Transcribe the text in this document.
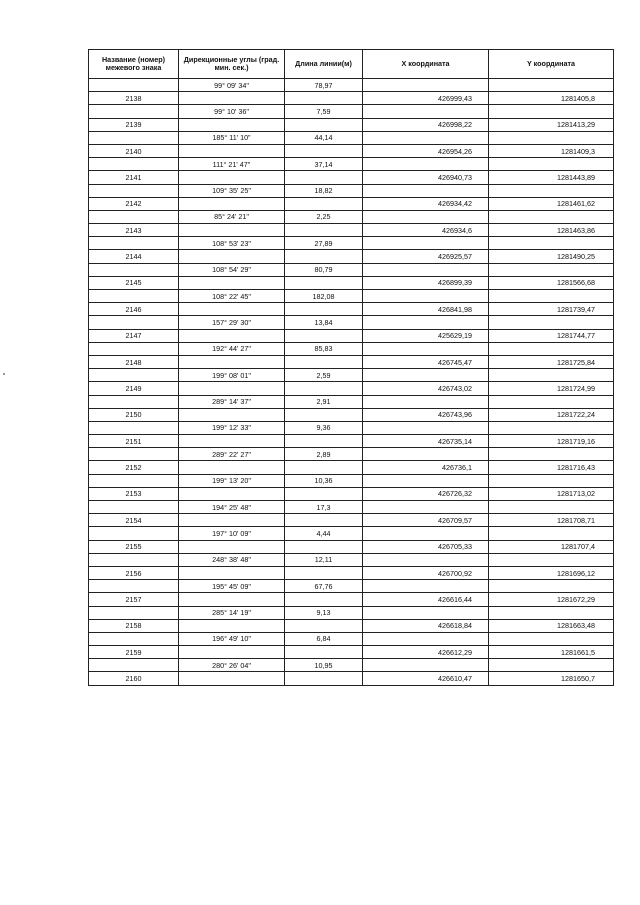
Название (номер) межевого знака	Дирекционные углы (град. мин. сек.)	Длина линии(м)	X координата	Y координата
	99° 09' 34"	78,97		
2138			426999,43	1281405,8
	99° 10' 36"	7,59		
2139			426998,22	1281413,29
	185° 11' 10"	44,14		
2140			426954,26	1281409,3
	111° 21' 47"	37,14		
2141			426940,73	1281443,89
	109° 35' 25"	18,82		
2142			426934,42	1281461,62
	85° 24' 21"	2,25		
2143			426934,6	1281463,86
	108° 53' 23"	27,89		
2144			426925,57	1281490,25
	108° 54' 29"	80,79		
2145			426899,39	1281566,68
	108° 22' 45"	182,08		
2146			426841,98	1281739,47
	157° 29' 30"	13,84		
2147			425629,19	1281744,77
	192° 44' 27"	85,83		
2148			426745,47	1281725,84
	199° 08' 01"	2,59		
2149			426743,02	1281724,99
	289° 14' 37"	2,91		
2150			426743,96	1281722,24
	199° 12' 33"	9,36		
2151			426735,14	1281719,16
	289° 22' 27"	2,89		
2152			426736,1	1281716,43
	199° 13' 20"	10,36		
2153			426726,32	1281713,02
	194° 25' 48"	17,3		
2154			426709,57	1281708,71
	197° 10' 09"	4,44		
2155			426705,33	1281707,4
	248° 38' 48"	12,11		
2156			426700,92	1281696,12
	195° 45' 09"	67,76		
2157			426616,44	1281672,29
	285° 14' 19"	9,13		
2158			426618,84	1281663,48
	196° 49' 10"	6,84		
2159			426612,29	1281661,5
	280° 26' 04"	10,95		
2160			426610,47	1281650,7
